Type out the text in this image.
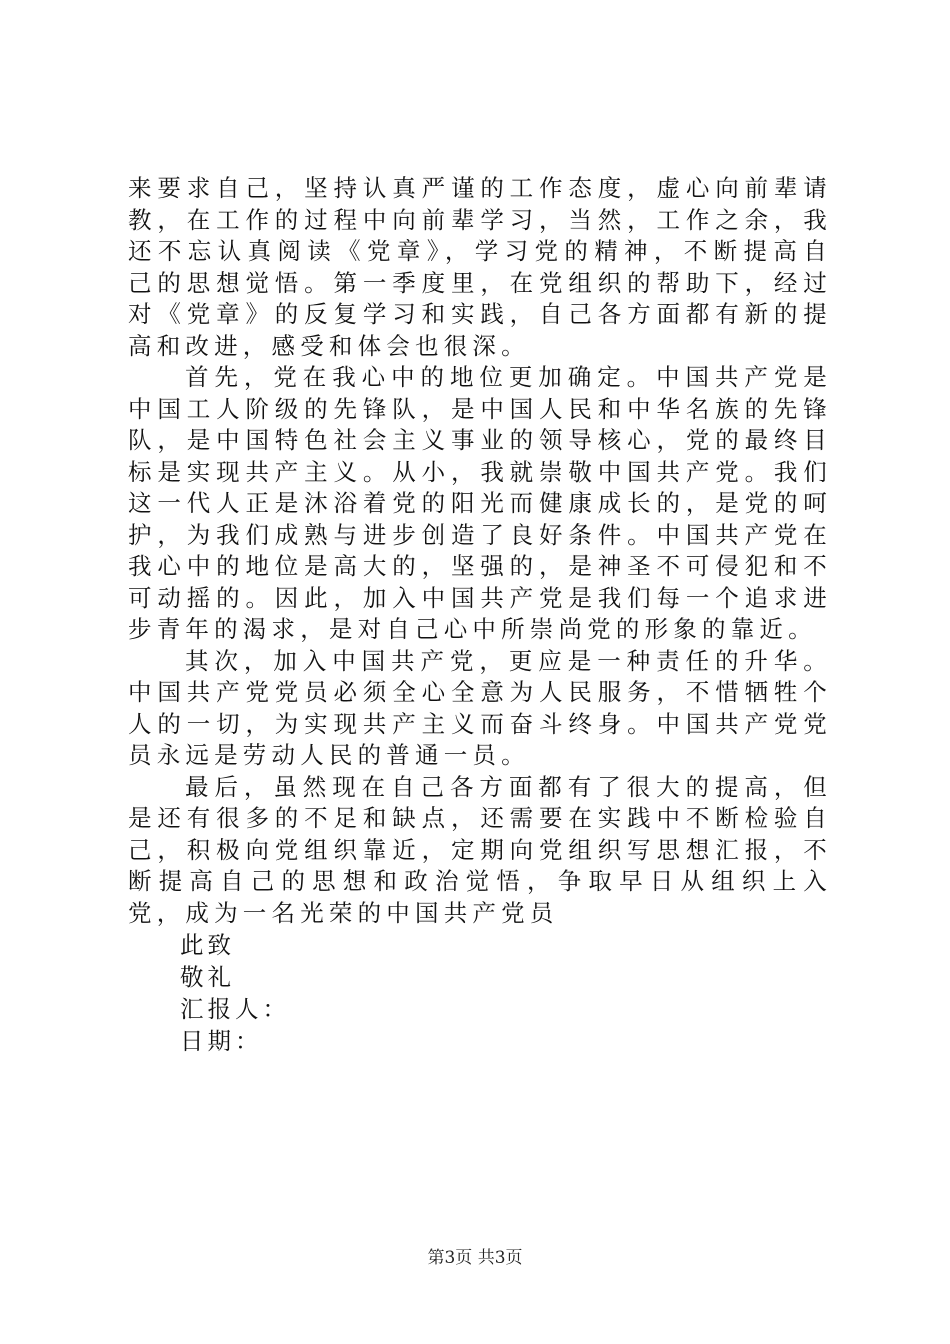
来要求自己，坚持认真严谨的工作态度，虚心向前辈请教，在工作的过程中向前辈学习，当然，工作之余，我还不忘认真阅读《党章》，学习党的精神，不断提高自己的思想觉悟。第一季度里，在党组织的帮助下，经过对《党章》的反复学习和实践，自己各方面都有新的提高和改进，感受和体会也很深。

首先，党在我心中的地位更加确定。中国共产党是中国工人阶级的先锋队，是中国人民和中华名族的先锋队，是中国特色社会主义事业的领导核心，党的最终目标是实现共产主义。从小，我就崇敬中国共产党。我们这一代人正是沐浴着党的阳光而健康成长的，是党的呵护，为我们成熟与进步创造了良好条件。中国共产党在我心中的地位是高大的，坚强的，是神圣不可侵犯和不可动摇的。因此，加入中国共产党是我们每一个追求进步青年的渴求，是对自己心中所崇尚党的形象的靠近。

其次，加入中国共产党，更应是一种责任的升华。中国共产党党员必须全心全意为人民服务，不惜牺牲个人的一切，为实现共产主义而奋斗终身。中国共产党党员永远是劳动人民的普通一员。

最后，虽然现在自己各方面都有了很大的提高，但是还有很多的不足和缺点，还需要在实践中不断检验自己，积极向党组织靠近，定期向党组织写思想汇报，不断提高自己的思想和政治觉悟，争取早日从组织上入党，成为一名光荣的中国共产党员

此致
敬礼
汇报人：
日期：
第3页 共3页
